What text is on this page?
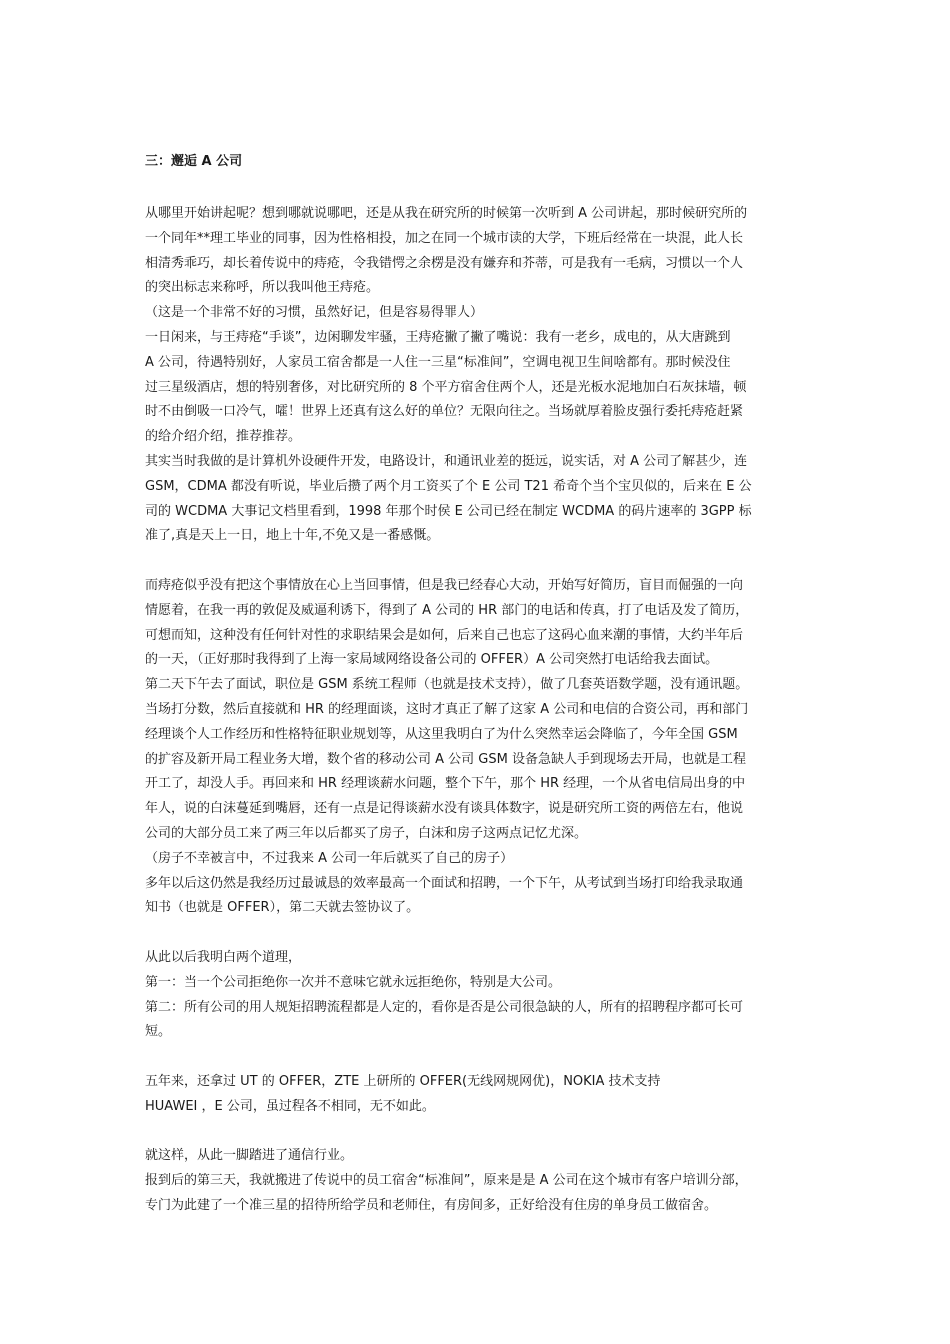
三：邂逅 A 公司
从哪里开始讲起呢？想到哪就说哪吧，还是从我在研究所的时候第一次听到 A 公司讲起，那时候研究所的
一个同年**理工毕业的同事，因为性格相投，加之在同一个城市读的大学，下班后经常在一块混，此人长
相清秀乖巧，却长着传说中的痔疮，令我错愕之余楞是没有嫌弃和芥蒂，可是我有一毛病，习惯以一个人
的突出标志来称呼，所以我叫他王痔疮。
（这是一个非常不好的习惯，虽然好记，但是容易得罪人）
一日闲来，与王痔疮“手谈”，边闲聊发牢骚，王痔疮撇了撇了嘴说：我有一老乡，成电的，从大唐跳到
A 公司，待遇特别好，人家员工宿舍都是一人住一三星“标准间”，空调电视卫生间啥都有。那时候没住
过三星级酒店，想的特别奢侈，对比研究所的 8 个平方宿舍住两个人，还是光板水泥地加白石灰抹墙，顿
时不由倒吸一口冷气，嚯！世界上还真有这么好的单位？无限向往之。当场就厚着脸皮强行委托痔疮赶紧
的给介绍介绍，推荐推荐。
其实当时我做的是计算机外设硬件开发，电路设计，和通讯业差的挺远，说实话，对 A 公司了解甚少，连
GSM，CDMA 都没有听说，毕业后攒了两个月工资买了个 E 公司 T21 希奇个当个宝贝似的，后来在 E 公
司的 WCDMA 大事记文档里看到，1998 年那个时侯 E 公司已经在制定 WCDMA 的码片速率的 3GPP 标
准了,真是天上一日，地上十年,不免又是一番感慨。
而痔疮似乎没有把这个事情放在心上当回事情，但是我已经春心大动，开始写好简历，盲目而倔强的一向
情愿着，在我一再的敦促及威逼利诱下，得到了 A 公司的 HR 部门的电话和传真，打了电话及发了简历，
可想而知，这种没有任何针对性的求职结果会是如何，后来自己也忘了这码心血来潮的事情，大约半年后
的一天，（正好那时我得到了上海一家局域网络设备公司的 OFFER）A 公司突然打电话给我去面试。
第二天下午去了面试，职位是 GSM 系统工程师（也就是技术支持），做了几套英语数学题，没有通讯题。
当场打分数，然后直接就和 HR 的经理面谈，这时才真正了解了这家 A 公司和电信的合资公司，再和部门
经理谈个人工作经历和性格特征职业规划等，从这里我明白了为什么突然幸运会降临了，今年全国 GSM
的扩容及新开局工程业务大增，数个省的移动公司 A 公司 GSM 设备急缺人手到现场去开局，也就是工程
开工了，却没人手。再回来和 HR 经理谈薪水问题，整个下午，那个 HR 经理，一个从省电信局出身的中
年人，说的白沫蔓延到嘴唇，还有一点是记得谈薪水没有谈具体数字，说是研究所工资的两倍左右，他说
公司的大部分员工来了两三年以后都买了房子，白沫和房子这两点记忆尤深。
（房子不幸被言中，不过我来 A 公司一年后就买了自己的房子）
多年以后这仍然是我经历过最诚恳的效率最高一个面试和招聘，一个下午，从考试到当场打印给我录取通
知书（也就是 OFFER），第二天就去签协议了。
从此以后我明白两个道理，
第一：当一个公司拒绝你一次并不意味它就永远拒绝你，特别是大公司。
第二：所有公司的用人规矩招聘流程都是人定的，看你是否是公司很急缺的人，所有的招聘程序都可长可
短。
五年来，还拿过 UT 的 OFFER，ZTE 上研所的 OFFER(无线网规网优)，NOKIA 技术支持
HUAWEI ，E 公司，虽过程各不相同，无不如此。
就这样，从此一脚踏进了通信行业。
报到后的第三天，我就搬进了传说中的员工宿舍“标准间”，原来是是 A 公司在这个城市有客户培训分部，
专门为此建了一个准三星的招待所给学员和老师住，有房间多，正好给没有住房的单身员工做宿舍。
